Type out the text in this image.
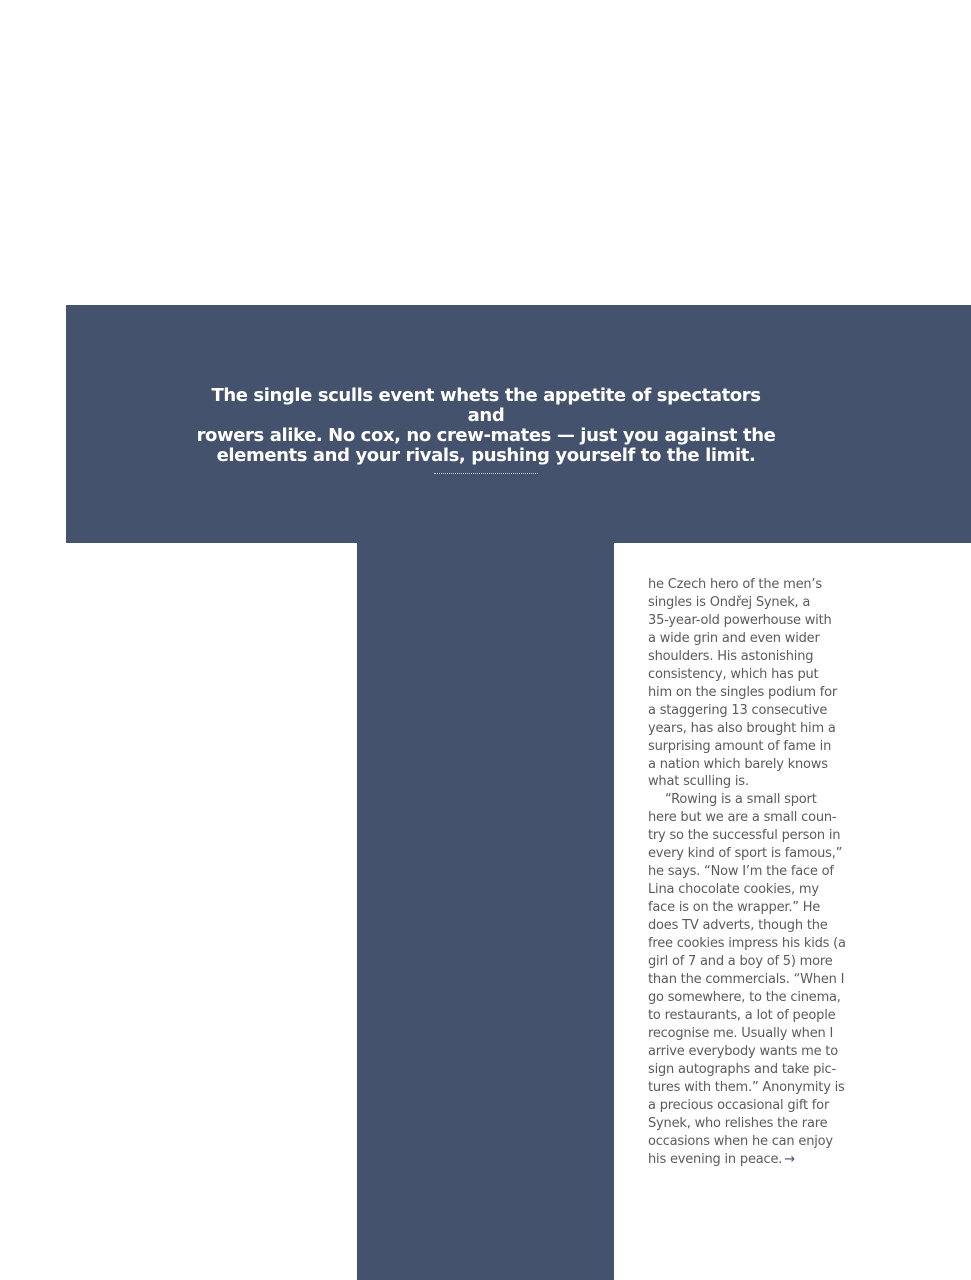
The single sculls event whets the appetite of spectators and
rowers alike. No cox, no crew-mates — just you against the
elements and your rivals, pushing yourself to the limit.

he Czech hero of the men’s
singles is Ondřej Synek, a
35-year-old powerhouse with
a wide grin and even wider
shoulders. His astonishing
consistency, which has put
him on the singles podium for
a staggering 13 consecutive
years, has also brought him a
surprising amount of fame in
a nation which barely knows
what sculling is.
“Rowing is a small sport
here but we are a small coun-
try so the successful person in
every kind of sport is famous,”
he says. “Now I’m the face of
Lina chocolate cookies, my
face is on the wrapper.” He
does TV adverts, though the
free cookies impress his kids (a
girl of 7 and a boy of 5) more
than the commercials. “When I
go somewhere, to the cinema,
to restaurants, a lot of people
recognise me. Usually when I
arrive everybody wants me to
sign autographs and take pic-
tures with them.” Anonymity is
a precious occasional gift for
Synek, who relishes the rare
occasions when he can enjoy
his evening in peace. →
